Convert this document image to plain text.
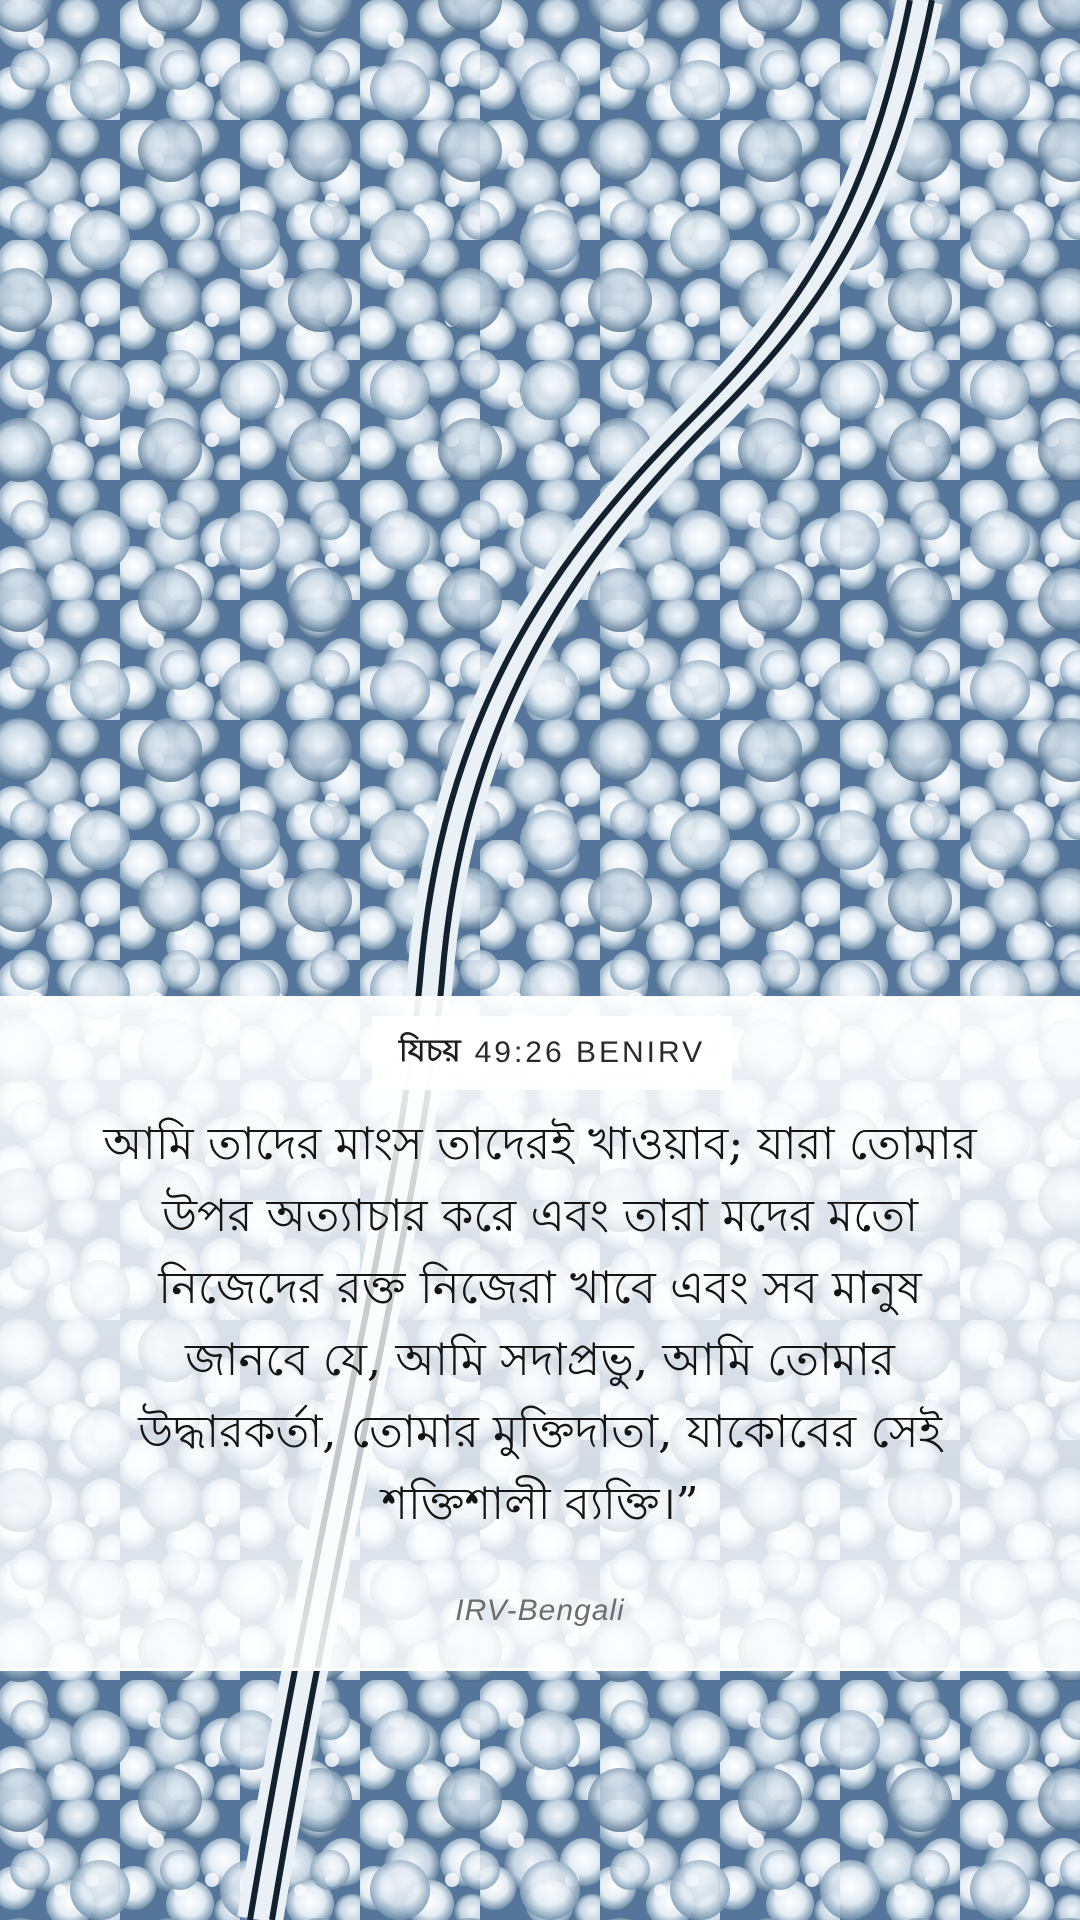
যিচয় 49:26 BENIRV

আমি তাদের মাংস তাদেরই খাওয়াব; যারা তোমার উপর অত্যাচার করে এবং তারা মদের মতো নিজেদের রক্ত নিজেরা খাবে এবং সব মানুষ জানবে যে, আমি সদাপ্রভু, আমি তোমার উদ্ধারকর্তা, তোমার মুক্তিদাতা, যাকোবের সেই শক্তিশালী ব্যক্তি।”

IRV-Bengali
